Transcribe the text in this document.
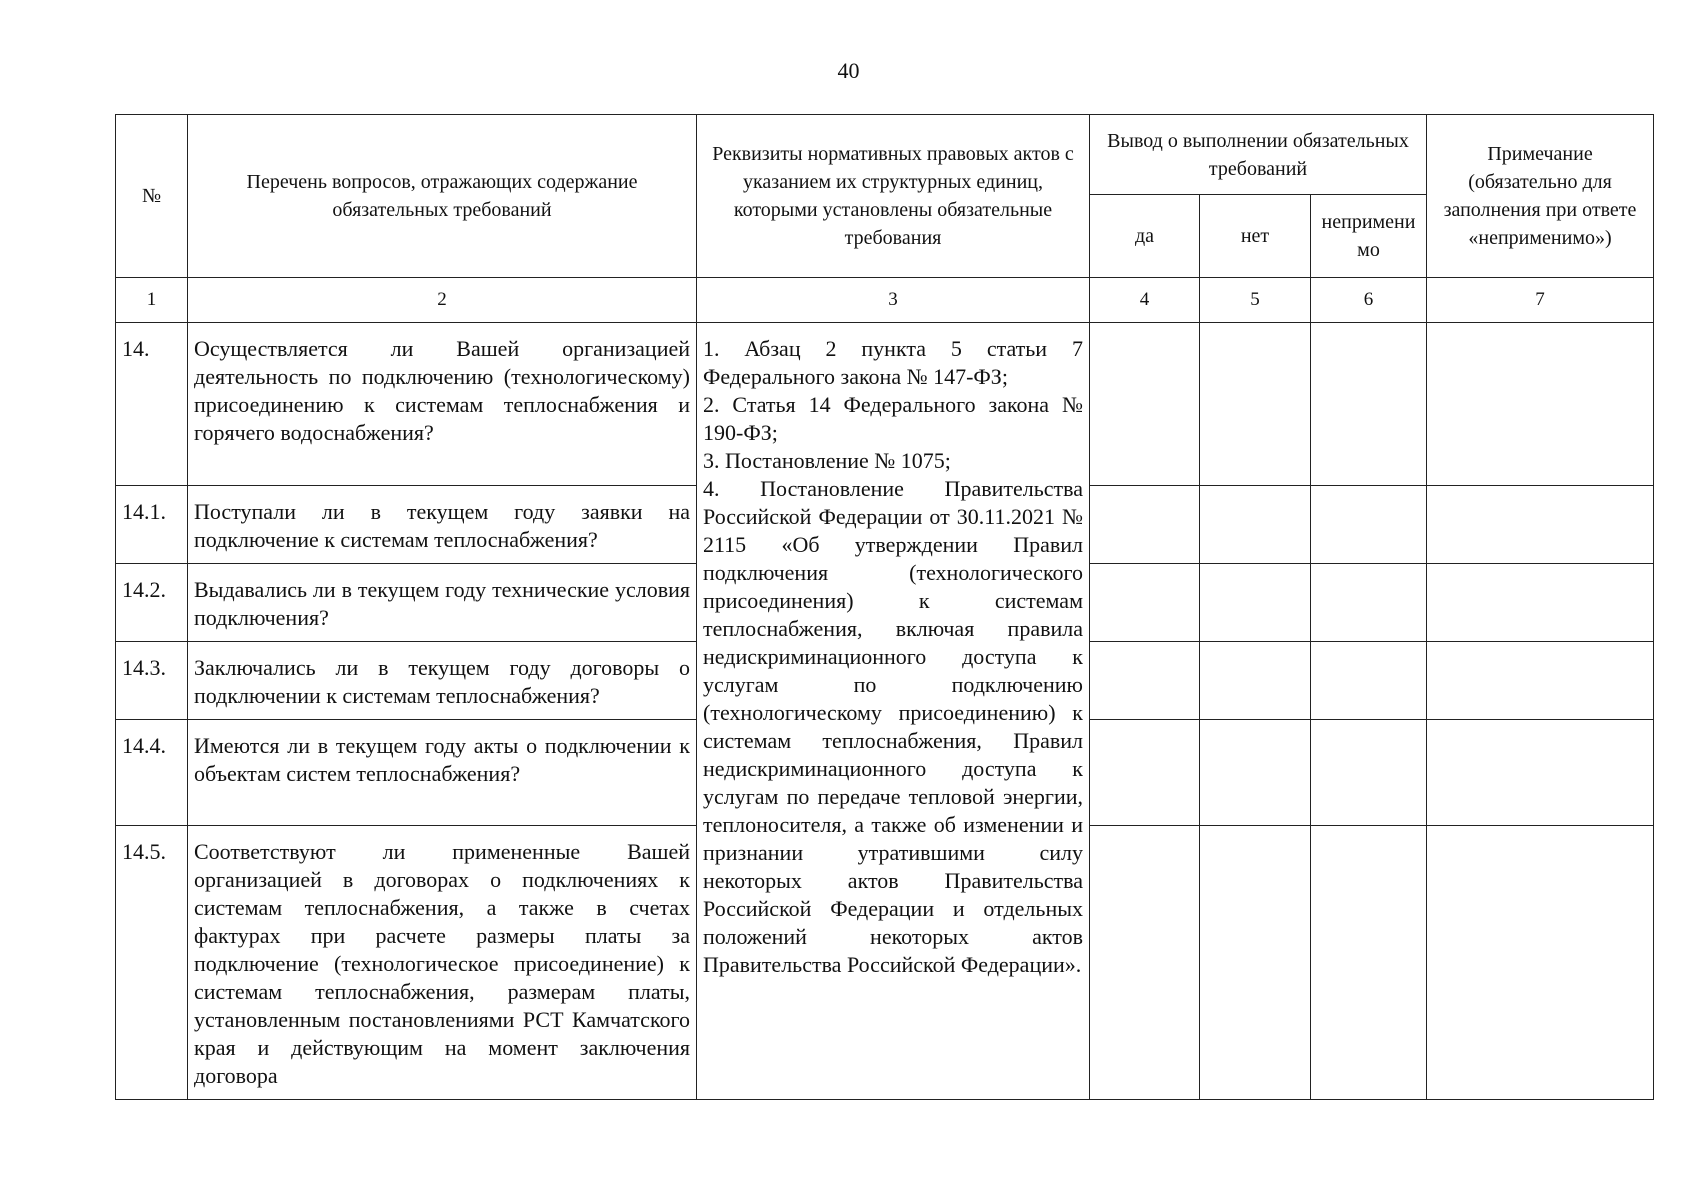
40
№	Перечень вопросов, отражающих содержание обязательных требований	Реквизиты нормативных правовых актов с указанием их структурных единиц, которыми установлены обязательные требования	Вывод о выполнении обязательных требований			Примечание (обязательно для заполнения при ответе «неприменимо»)
			да	нет	неприменимо	
1	2	3	4	5	6	7
14.	Осуществляется ли Вашей организацией деятельность по подключению (технологическому) присоединению к системам теплоснабжения и горячего водоснабжения?	1. Абзац 2 пункта 5 статьи 7 Федерального закона № 147-ФЗ;
2. Статья 14 Федерального закона № 190-ФЗ;
3. Постановление № 1075;
4. Постановление Правительства Российской Федерации от 30.11.2021 № 2115 «Об утверждении Правил подключения (технологического присоединения) к системам теплоснабжения, включая правила недискриминационного доступа к услугам по подключению (технологическому присоединению) к системам теплоснабжения, Правил недискриминационного доступа к услугам по передаче тепловой энергии, теплоносителя, а также об изменении и признании утратившими силу некоторых актов Правительства Российской Федерации и отдельных положений некоторых актов Правительства Российской Федерации».				

14.1.	Поступали ли в текущем году заявки на подключение к системам теплоснабжения?					
14.2.	Выдавались ли в текущем году технические условия подключения?					
14.3.	Заключались ли в текущем году договоры о подключении к системам теплоснабжения?					
14.4.	Имеются ли в текущем году акты о подключении к объектам систем теплоснабжения?					
14.5.	Соответствуют ли примененные Вашей организацией в договорах о подключениях к системам теплоснабжения, а также в счетах фактурах при расчете размеры платы за подключение (технологическое присоединение) к системам теплоснабжения, размерам платы, установленным постановлениями РСТ Камчатского края и действующим на момент заключения договора					
